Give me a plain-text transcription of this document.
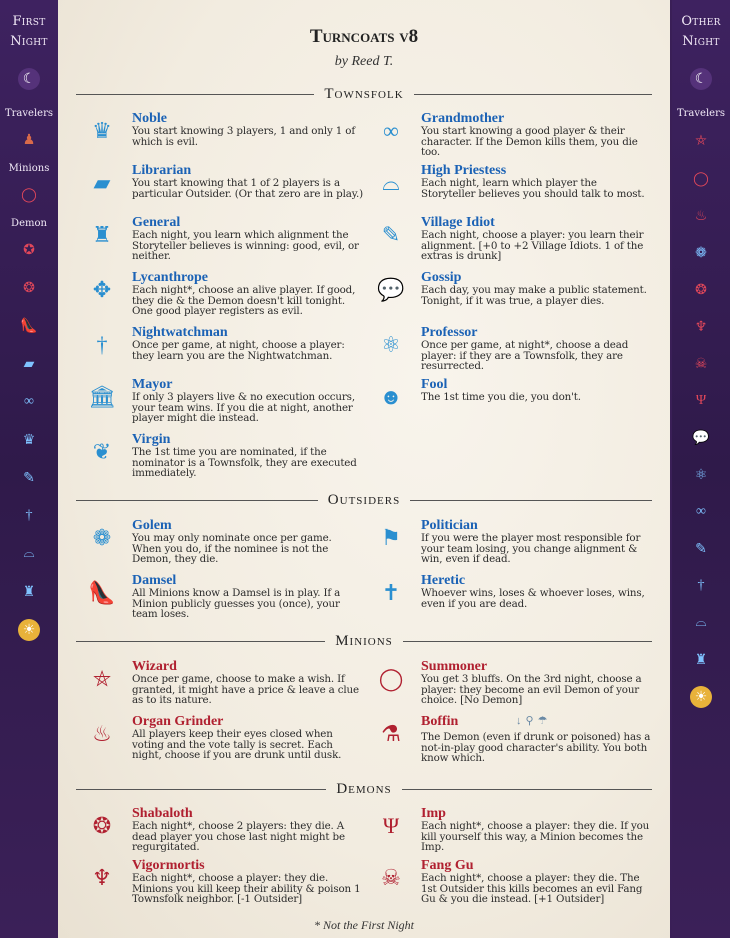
First Night
☾
Travelers
♟
Minions
◯
Demon
✪
❂
👠
▰
∞
♛
✎
†
⌓
♜
☀
Turncoats v8
by Reed T.
Townsfolk
♛	Noble
You start knowing 3 players, 1 and only 1 of which is evil.	∞	Grandmother
You start knowing a good player & their character. If the Demon kills them, you die too.
▰	Librarian
You start knowing that 1 of 2 players is a particular Outsider. (Or that zero are in play.) ⌓	High Priestess
Each night, learn which player the Storyteller believes you should talk to most.
♜	General
Each night, you learn which alignment the Storyteller believes is winning: good, evil, or neither.
✎	Village Idiot
Each night, choose a player: you learn their alignment. [+0 to +2 Village Idiots. 1 of the extras is drunk]
✥	Lycanthrope
Each night*, choose an alive player. If good, they die & the Demon doesn't kill tonight. One good player registers as evil.
💬	Gossip
Each day, you may make a public statement. Tonight, if it was true, a player dies.
†	Nightwatchman
Once per game, at night, choose a player: they learn you are the Nightwatchman.	⚛	Professor
Once per game, at night*, choose a dead player: if they are a Townsfolk, they are resurrected.
🏛	Mayor
If only 3 players live & no execution occurs, your team wins. If you die at night, another player might die instead.
☻	Fool
The 1st time you die, you don't.
❦	Virgin
The 1st time you are nominated, if the nominator is a Townsfolk, they are executed immediately.
Outsiders
❁	Golem
You may only nominate once per game. When you do, if the nominee is not the Demon, they die.
⚑	Politician
If you were the player most responsible for your team losing, you change alignment & win, even if dead.
👠	Damsel
All Minions know a Damsel is in play. If a Minion publicly guesses you (once), your team loses.
✝	Heretic
Whoever wins, loses & whoever loses, wins, even if you are dead.
Minions
⛤	Wizard
Once per game, choose to make a wish. If granted, it might have a price & leave a clue as to its nature.
◯	Summoner
You get 3 bluffs. On the 3rd night, choose a player: they become an evil Demon of your choice. [No Demon]
♨	Organ Grinder
All players keep their eyes closed when voting and the vote tally is secret. Each night, choose if you are drunk until dusk.
⚗	Boffin
The Demon (even if drunk or poisoned) has a not-in-play good character's ability. You both know which.
↓⚲☂
Demons
❂	Shabaloth
Each night*, choose 2 players: they die. A dead player you chose last night might be regurgitated.
Ψ	Imp
Each night*, choose a player: they die. If you kill yourself this way, a Minion becomes the Imp.
♆	Vigormortis
Each night*, choose a player: they die. Minions you kill keep their ability & poison 1 Townsfolk neighbor. [-1 Outsider]
☠	Fang Gu
Each night*, choose a player: they die. The 1st Outsider this kills becomes an evil Fang Gu & you die instead. [+1 Outsider]
* Not the First Night
Other Night
☾
Travelers
⛤
◯
♨
❁
❂
♆
☠
Ψ
💬
⚛
∞
✎
†
⌓
♜
☀
